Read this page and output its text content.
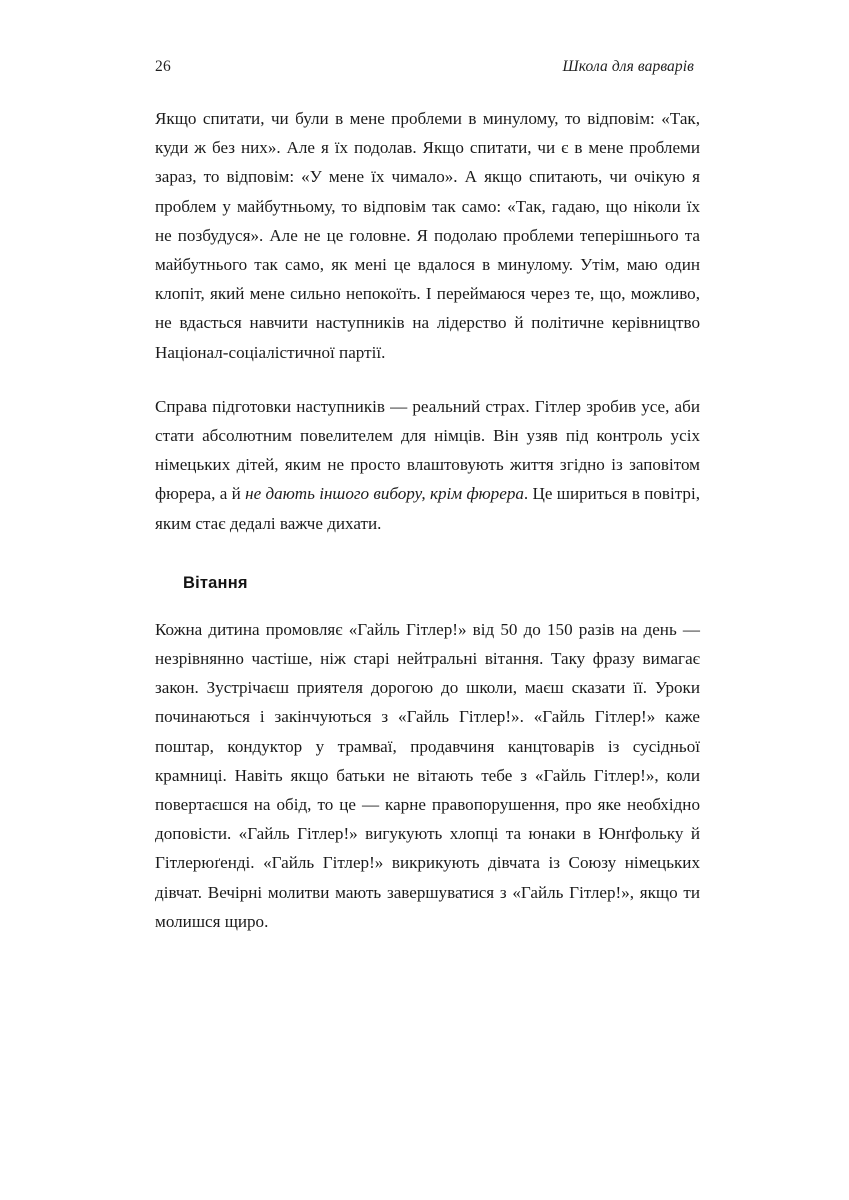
26	Школа для варварів

Якщо спитати, чи були в мене проблеми в минулому, то відповім: «Так, куди ж без них». Але я їх подолав. Якщо спитати, чи є в мене проблеми зараз, то відповім: «У мене їх чимало». А якщо спитають, чи очікую я проблем у майбутньому, то відповім так само: «Так, гадаю, що ніколи їх не позбудуся». Але не це головне. Я подолаю проблеми теперішнього та майбутнього так само, як мені це вдалося в минулому. Утім, маю один клопіт, який мене сильно непокоїть. І переймаюся через те, що, можливо, не вдасться навчити наступників на лідерство й політичне керівництво Націонал-соціалістичної партії.

Справа підготовки наступників — реальний страх. Гітлер зробив усе, аби стати абсолютним повелителем для німців. Він узяв під контроль усіх німецьких дітей, яким не просто влаштовують життя згідно із заповітом фюрера, а й не дають іншого вибору, крім фюрера. Це шириться в повітрі, яким стає дедалі важче дихати.

Вітання

Кожна дитина промовляє «Гайль Гітлер!» від 50 до 150 разів на день — незрівнянно частіше, ніж старі нейтральні вітання. Таку фразу вимагає закон. Зустрічаєш приятеля дорогою до школи, маєш сказати її. Уроки починаються і закінчуються з «Гайль Гітлер!». «Гайль Гітлер!» каже поштар, кондуктор у трамваї, продавчиня канцтоварів із сусідньої крамниці. Навіть якщо батьки не вітають тебе з «Гайль Гітлер!», коли повертаєшся на обід, то це — карне правопорушення, про яке необхідно доповісти. «Гайль Гітлер!» вигукують хлопці та юнаки в Юнґфольку й Гітлерюґенді. «Гайль Гітлер!» викрикують дівчата із Союзу німецьких дівчат. Вечірні молитви мають завершуватися з «Гайль Гітлер!», якщо ти молишся щиро.
